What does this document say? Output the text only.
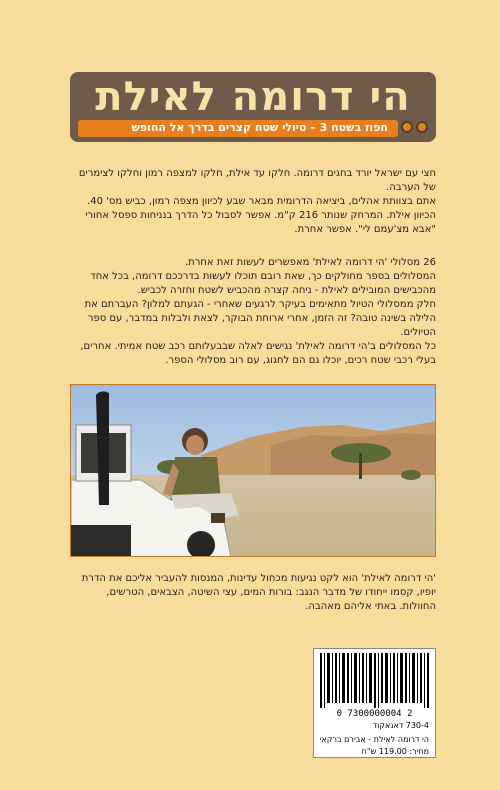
הי דרומה לאילת
חפוז בשטח 3 – טיולי שטח קצרים בדרך אל החופש

חצי עם ישראל יורד בחגים דרומה. חלקו עד אילת, חלקו למצפה רמון וחלקו לצימרים של הערבה.

אתם בצוותת אהלים, ביציאה הדרומית מבאר שבע לכיוון מצפה רמון, כביש מס' 40. הכיוון אילת. המרחק שנותר 216 ק"מ. אפשר לסבול כל הדרך בנניחות ספסל אחורי "אבא מצ'עמם לי". אפשר אחרת.

26 מסלולי 'הי דרומה לאילת' מאפשרים לעשות זאת אחרת.

המסלולים בספר מחולקים כך, שאת רובם תוכלו לעשות בדרככם דרומה, בכל אחד מהכבישים המובילים לאילת - ניחה קצרה מהכביש לשטח וחזרה לכביש.

חלק ממסלולי הטיול מתאימים בעיקר לרגעים שאחרי - הגעתם למלון? העברתם את הלילה בשינה טובה? זה הזמן, אחרי ארוחת הבוקר, לצאת ולבלות במדבר, עם ספר הטיולים.

כל המסלולים ב'הי דרומה לאילת' נגישים לאלה שבבעלותם רכב שטח אמיתי. אחרים, בעלי רכבי שטח רכים, יוכלו גם הם לחגוג, עם רוב מסלולי הספר.

'הי דרומה לאילת' הוא לקט נגיעות מכחול עדינות, המנסות להעביר אליכם את הדרת יופיו, קסמו ייחודו של מדבר הנגב: בורות המים, עצי השיטה, הצבאים, הטרשים, החוולות. באתי אליהם מאהבה.

0 7300000004 2
730-4 דאנאקוד
הי דרומה לאילת - אבירם ברקאי
מחיר: 119.00 ש"ח
